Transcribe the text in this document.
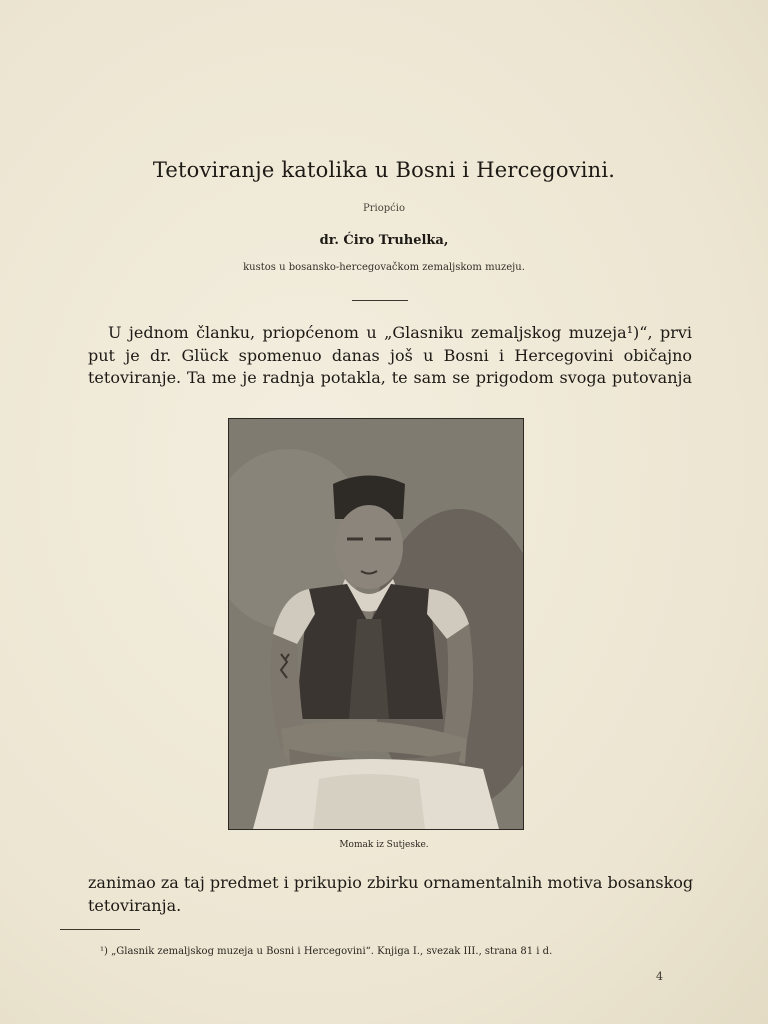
Tetoviranje katolika u Bosni i Hercegovini.
Priopćio
dr. Ćiro Truhelka,
kustos u bosansko-hercegovačkom zemaljskom muzeju.
U jednom članku, priopćenom u „Glasniku zemaljskog muzeja¹)“, prvi
put je dr. Glück spomenuo danas još u Bosni i Hercegovini običajno
tetoviranje. Ta me je radnja potakla, te sam se prigodom svoga putovanja
Momak iz Sutjeske.
zanimao za taj predmet i prikupio zbirku ornamentalnih motiva bosanskog
tetoviranja.
¹) „Glasnik zemaljskog muzeja u Bosni i Hercegovini“. Knjiga I., svezak III., strana 81 i d.
4
